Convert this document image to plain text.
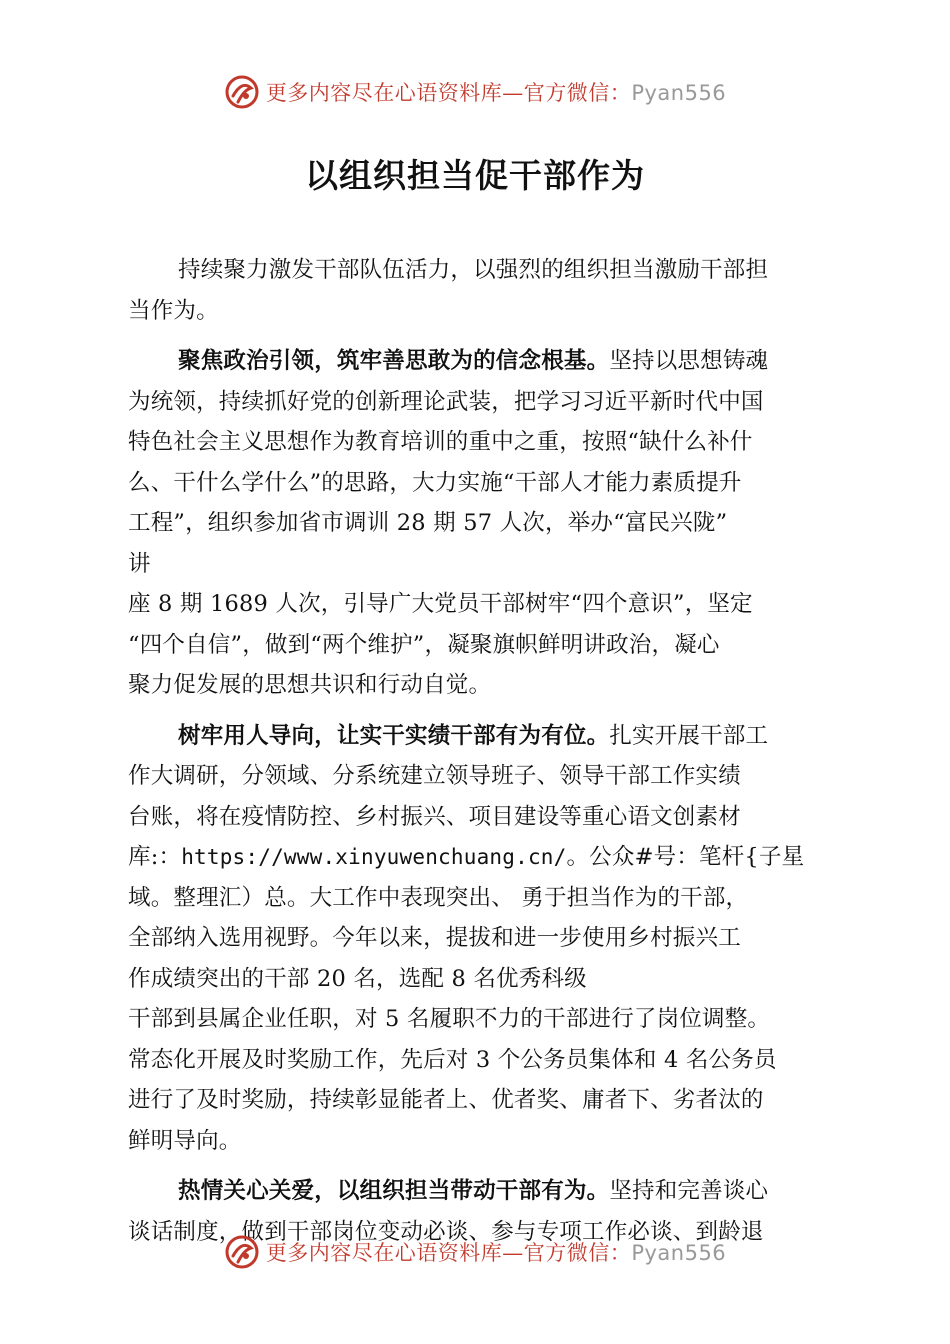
更多内容尽在心语资料库—官方微信：Pyan556
以组织担当促干部作为
持续聚力激发干部队伍活力，以强烈的组织担当激励干部担
当作为。
聚焦政治引领，筑牢善思敢为的信念根基。坚持以思想铸魂
为统领，持续抓好党的创新理论武装，把学习习近平新时代中国
特色社会主义思想作为教育培训的重中之重，按照“缺什么补什
么、干什么学什么”的思路，大力实施“干部人才能力素质提升
工程”，组织参加省市调训 28 期 57 人次，举办“富民兴陇”
讲
座 8 期 1689 人次，引导广大党员干部树牢“四个意识”，坚定
“四个自信”，做到“两个维护”，凝聚旗帜鲜明讲政治，凝心
聚力促发展的思想共识和行动自觉。
树牢用人导向，让实干实绩干部有为有位。扎实开展干部工
作大调研，分领域、分系统建立领导班子、领导干部工作实绩
台账，将在疫情防控、乡村振兴、项目建设等重心语文创素材
库:：https://www.xinyuwenchuang.cn/。公众#号：笔杆{子星
域。整理汇）总。大工作中表现突出、 勇于担当作为的干部，
全部纳入选用视野。今年以来，提拔和进一步使用乡村振兴工
作成绩突出的干部 20 名，选配 8 名优秀科级
干部到县属企业任职，对 5 名履职不力的干部进行了岗位调整。
常态化开展及时奖励工作，先后对 3 个公务员集体和 4 名公务员
进行了及时奖励，持续彰显能者上、优者奖、庸者下、劣者汰的
鲜明导向。
热情关心关爱，以组织担当带动干部有为。坚持和完善谈心
谈话制度，做到干部岗位变动必谈、参与专项工作必谈、到龄退
更多内容尽在心语资料库—官方微信：Pyan556
